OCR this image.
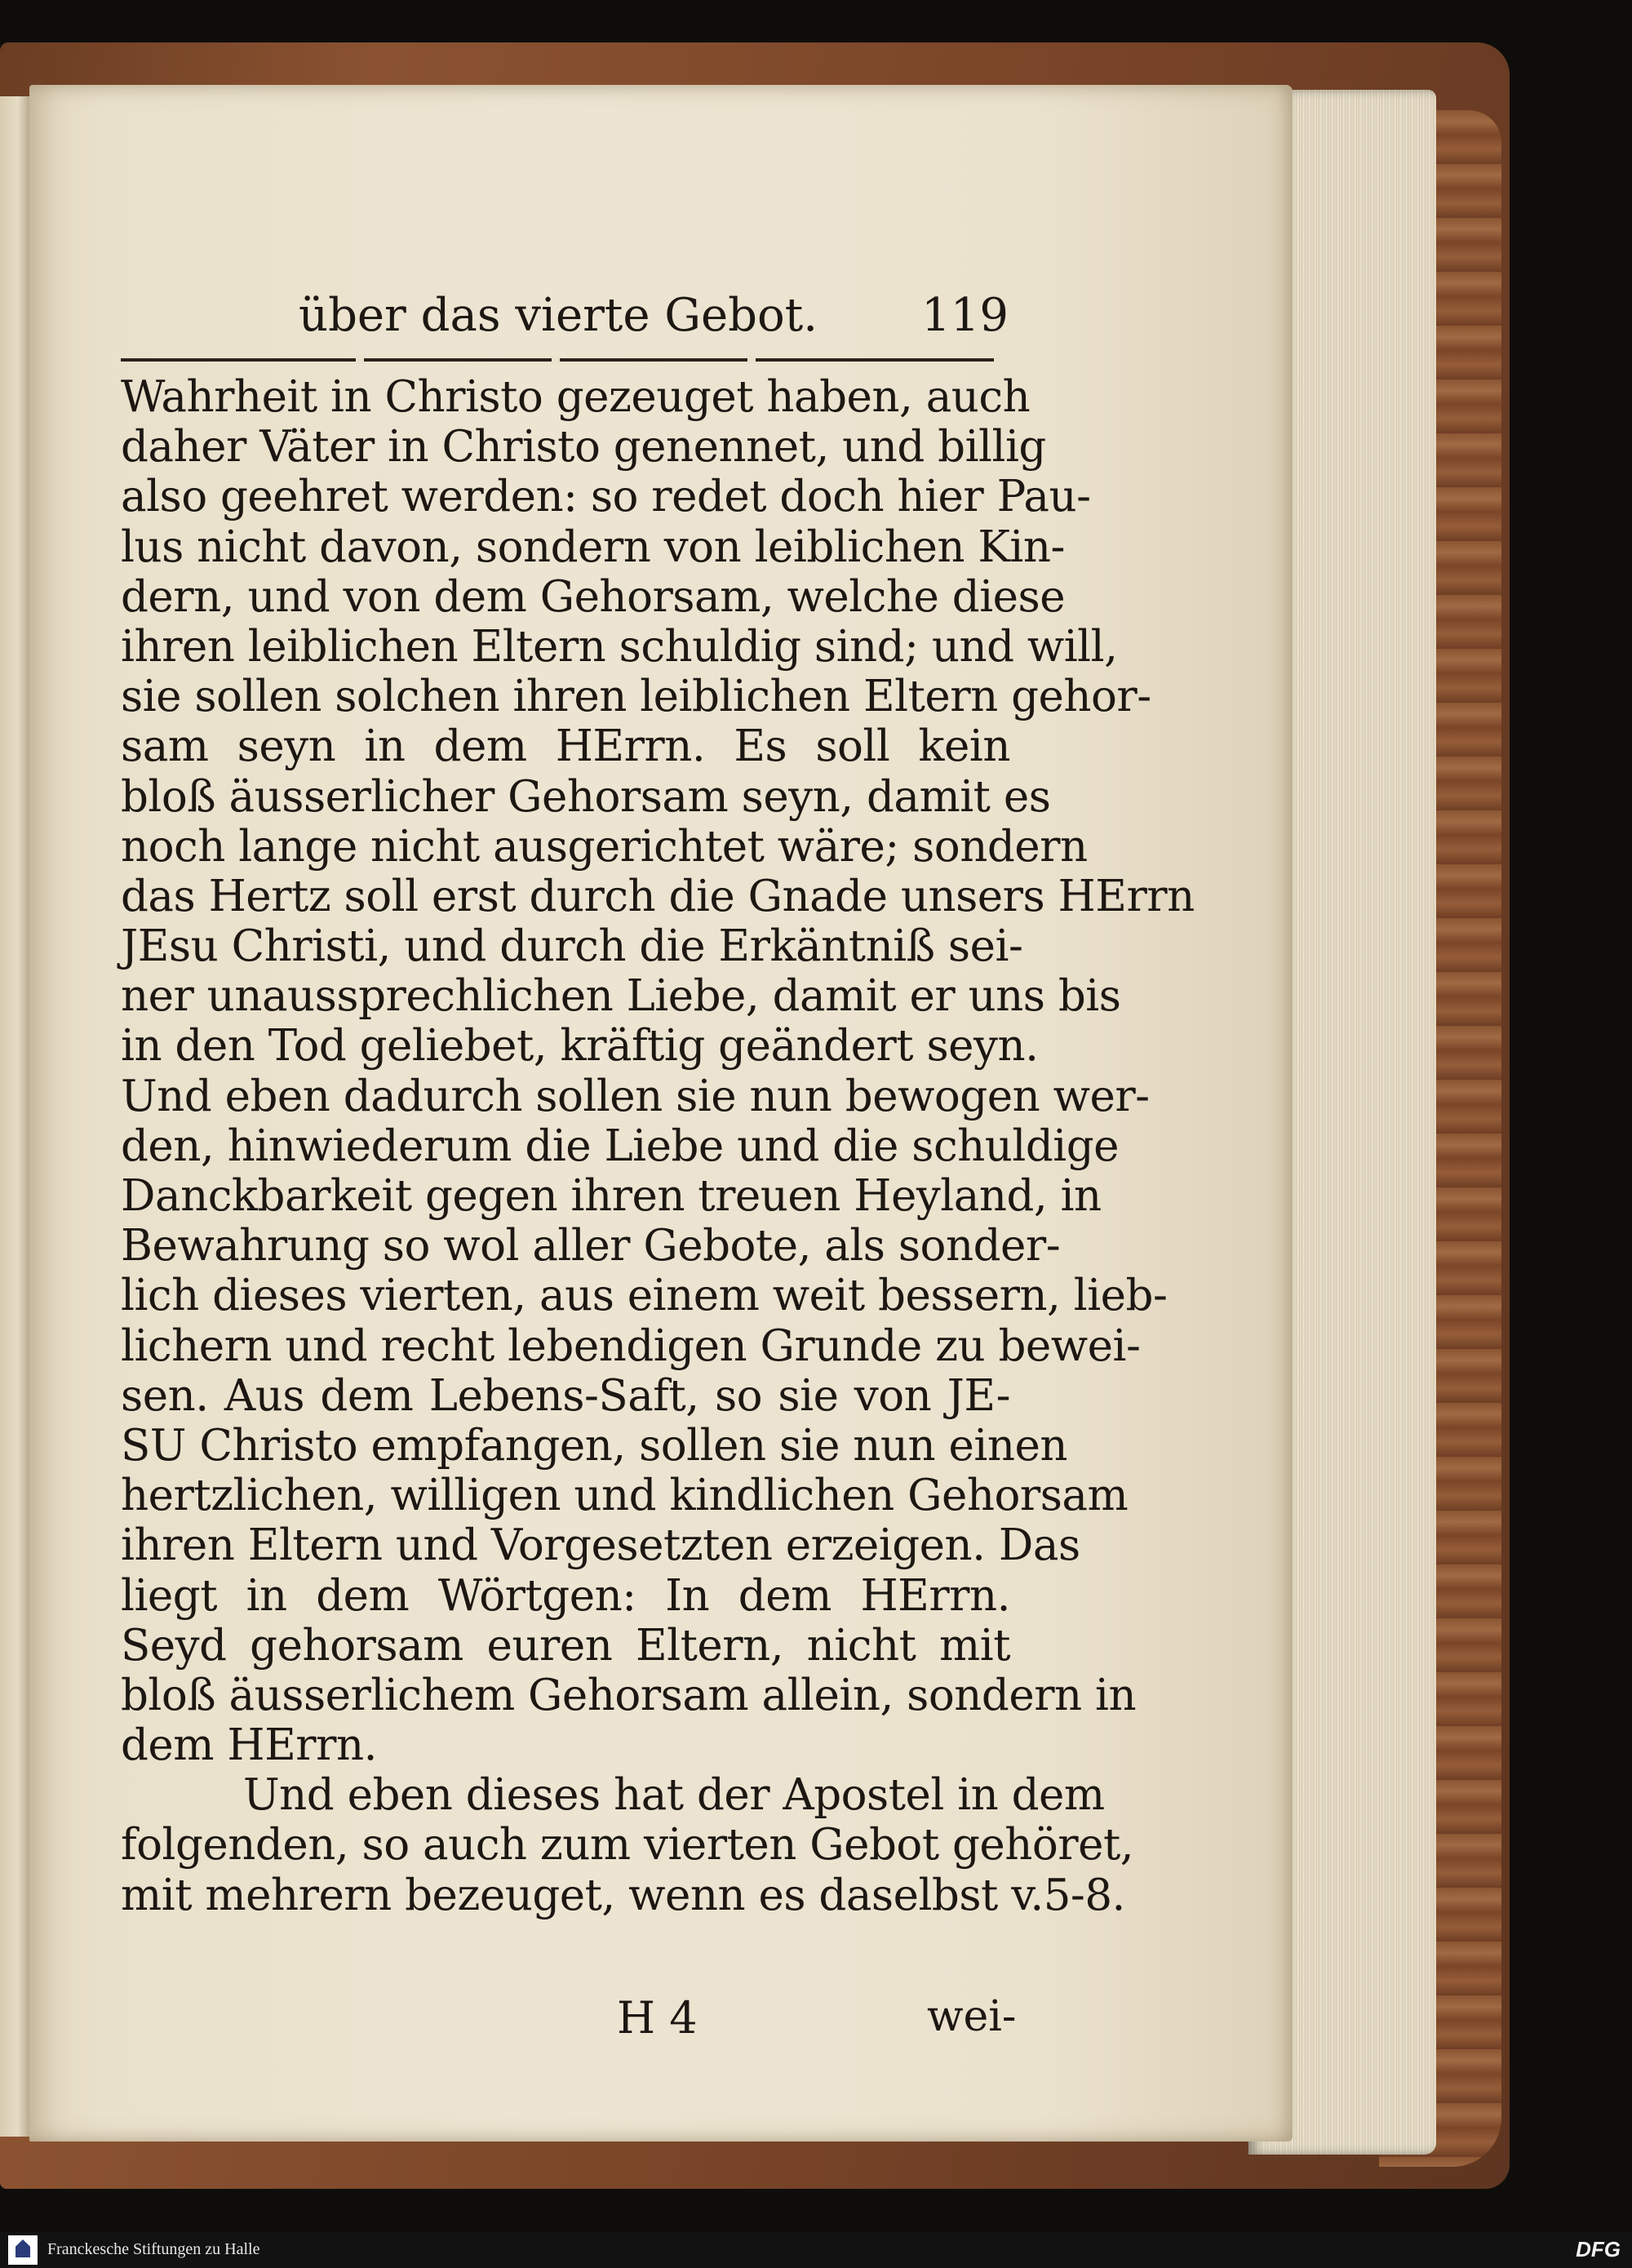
über das vierte Gebot. 119
Wahrheit in Christo gezeuget haben, auch
daher Väter in Christo genennet, und billig
also geehret werden: so redet doch hier Pau-
lus nicht davon, sondern von leiblichen Kin-
dern, und von dem Gehorsam, welche diese
ihren leiblichen Eltern schuldig sind; und will,
sie sollen solchen ihren leiblichen Eltern gehor-
sam seyn in dem HErrn. Es soll kein
bloß äusserlicher Gehorsam seyn, damit es
noch lange nicht ausgerichtet wäre; sondern
das Hertz soll erst durch die Gnade unsers HErrn
JEsu Christi, und durch die Erkäntniß sei-
ner unaussprechlichen Liebe, damit er uns bis
in den Tod geliebet, kräftig geändert seyn.
Und eben dadurch sollen sie nun bewogen wer-
den, hinwiederum die Liebe und die schuldige
Danckbarkeit gegen ihren treuen Heyland, in
Bewahrung so wol aller Gebote, als sonder-
lich dieses vierten, aus einem weit bessern, lieb-
lichern und recht lebendigen Grunde zu bewei-
sen. Aus dem Lebens-Saft, so sie von JE-
SU Christo empfangen, sollen sie nun einen
hertzlichen, willigen und kindlichen Gehorsam
ihren Eltern und Vorgesetzten erzeigen. Das
liegt in dem Wörtgen: In dem HErrn.
Seyd gehorsam euren Eltern, nicht mit
bloß äusserlichem Gehorsam allein, sondern in
dem HErrn.
Und eben dieses hat der Apostel in dem
folgenden, so auch zum vierten Gebot gehöret,
mit mehrern bezeuget, wenn es daselbst v.5-8.
H 4	wei-
Franckesche Stiftungen zu Halle	DFG
